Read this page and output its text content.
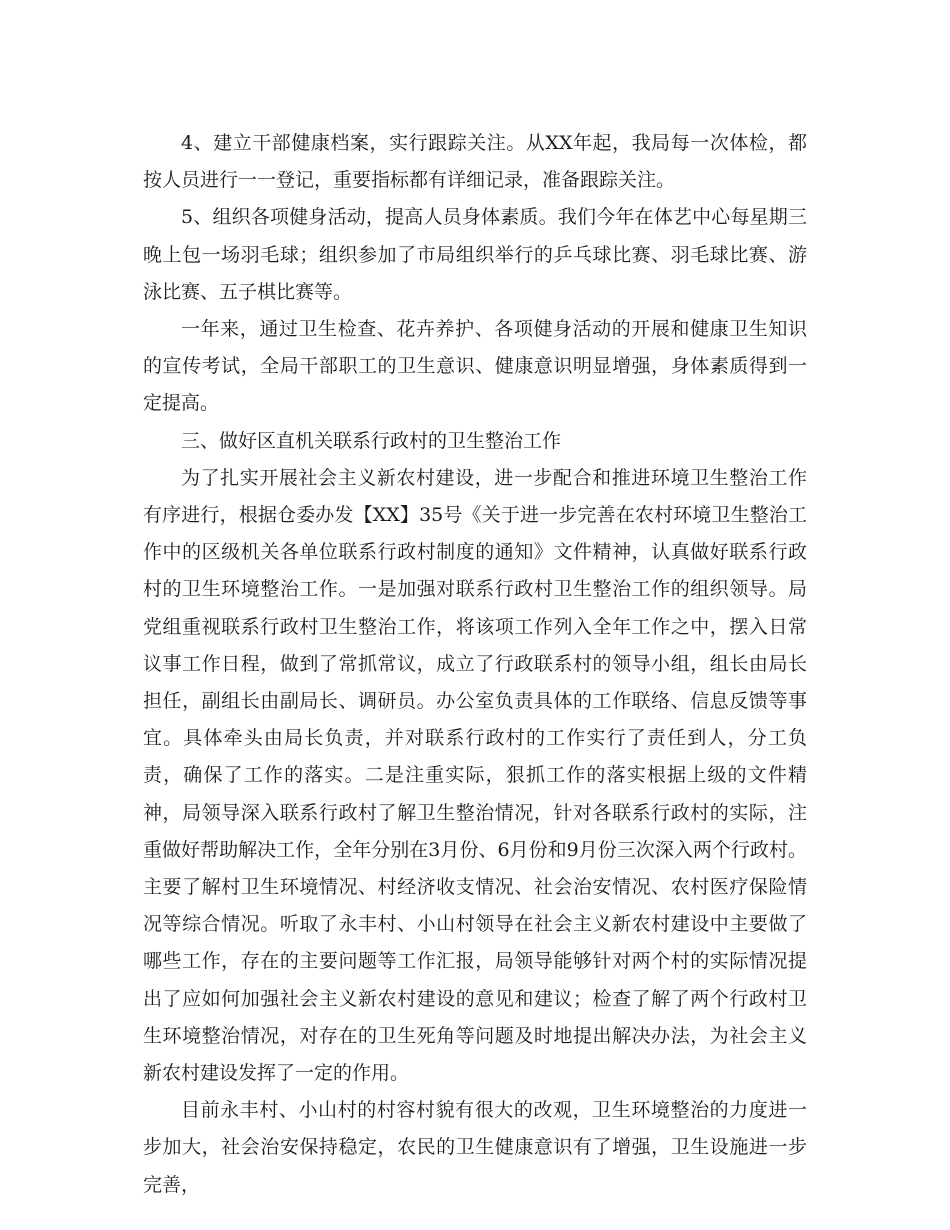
4、建立干部健康档案，实行跟踪关注。从XX年起，我局每一次体检，都按人员进行一一登记，重要指标都有详细记录，准备跟踪关注。

5、组织各项健身活动，提高人员身体素质。我们今年在体艺中心每星期三晚上包一场羽毛球；组织参加了市局组织举行的乒乓球比赛、羽毛球比赛、游泳比赛、五子棋比赛等。

一年来，通过卫生检查、花卉养护、各项健身活动的开展和健康卫生知识的宣传考试，全局干部职工的卫生意识、健康意识明显增强，身体素质得到一定提高。

三、做好区直机关联系行政村的卫生整治工作

为了扎实开展社会主义新农村建设，进一步配合和推进环境卫生整治工作有序进行，根据仓委办发【XX】35号《关于进一步完善在农村环境卫生整治工作中的区级机关各单位联系行政村制度的通知》文件精神，认真做好联系行政村的卫生环境整治工作。一是加强对联系行政村卫生整治工作的组织领导。局党组重视联系行政村卫生整治工作，将该项工作列入全年工作之中，摆入日常议事工作日程，做到了常抓常议，成立了行政联系村的领导小组，组长由局长担任，副组长由副局长、调研员。办公室负责具体的工作联络、信息反馈等事宜。具体牵头由局长负责，并对联系行政村的工作实行了责任到人，分工负责，确保了工作的落实。二是注重实际，狠抓工作的落实根据上级的文件精神，局领导深入联系行政村了解卫生整治情况，针对各联系行政村的实际，注重做好帮助解决工作，全年分别在3月份、6月份和9月份三次深入两个行政村。主要了解村卫生环境情况、村经济收支情况、社会治安情况、农村医疗保险情况等综合情况。听取了永丰村、小山村领导在社会主义新农村建设中主要做了哪些工作，存在的主要问题等工作汇报，局领导能够针对两个村的实际情况提出了应如何加强社会主义新农村建设的意见和建议；检查了解了两个行政村卫生环境整治情况，对存在的卫生死角等问题及时地提出解决办法，为社会主义新农村建设发挥了一定的作用。

目前永丰村、小山村的村容村貌有很大的改观，卫生环境整治的力度进一步加大，社会治安保持稳定，农民的卫生健康意识有了增强，卫生设施进一步完善，
